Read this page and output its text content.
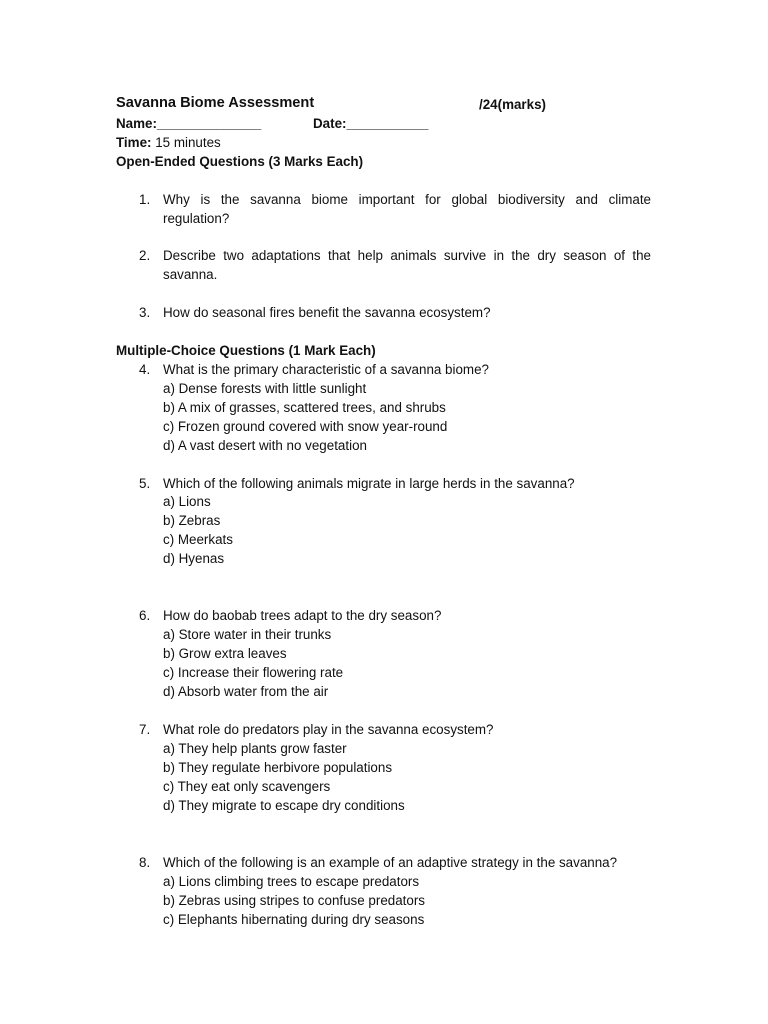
Savanna Biome Assessment	/24(marks)
Name:______________	Date:___________
Time: 15 minutes
Open-Ended Questions (3 Marks Each)
1. Why is the savanna biome important for global biodiversity and climate
regulation?
2. Describe two adaptations that help animals survive in the dry season of the
savanna.
3. How do seasonal fires benefit the savanna ecosystem?
Multiple-Choice Questions (1 Mark Each)
4. What is the primary characteristic of a savanna biome?
a) Dense forests with little sunlight
b) A mix of grasses, scattered trees, and shrubs
c) Frozen ground covered with snow year-round
d) A vast desert with no vegetation
5. Which of the following animals migrate in large herds in the savanna?
a) Lions
b) Zebras
c) Meerkats
d) Hyenas
6. How do baobab trees adapt to the dry season?
a) Store water in their trunks
b) Grow extra leaves
c) Increase their flowering rate
d) Absorb water from the air
7. What role do predators play in the savanna ecosystem?
a) They help plants grow faster
b) They regulate herbivore populations
c) They eat only scavengers
d) They migrate to escape dry conditions
8. Which of the following is an example of an adaptive strategy in the savanna?
a) Lions climbing trees to escape predators
b) Zebras using stripes to confuse predators
c) Elephants hibernating during dry seasons
